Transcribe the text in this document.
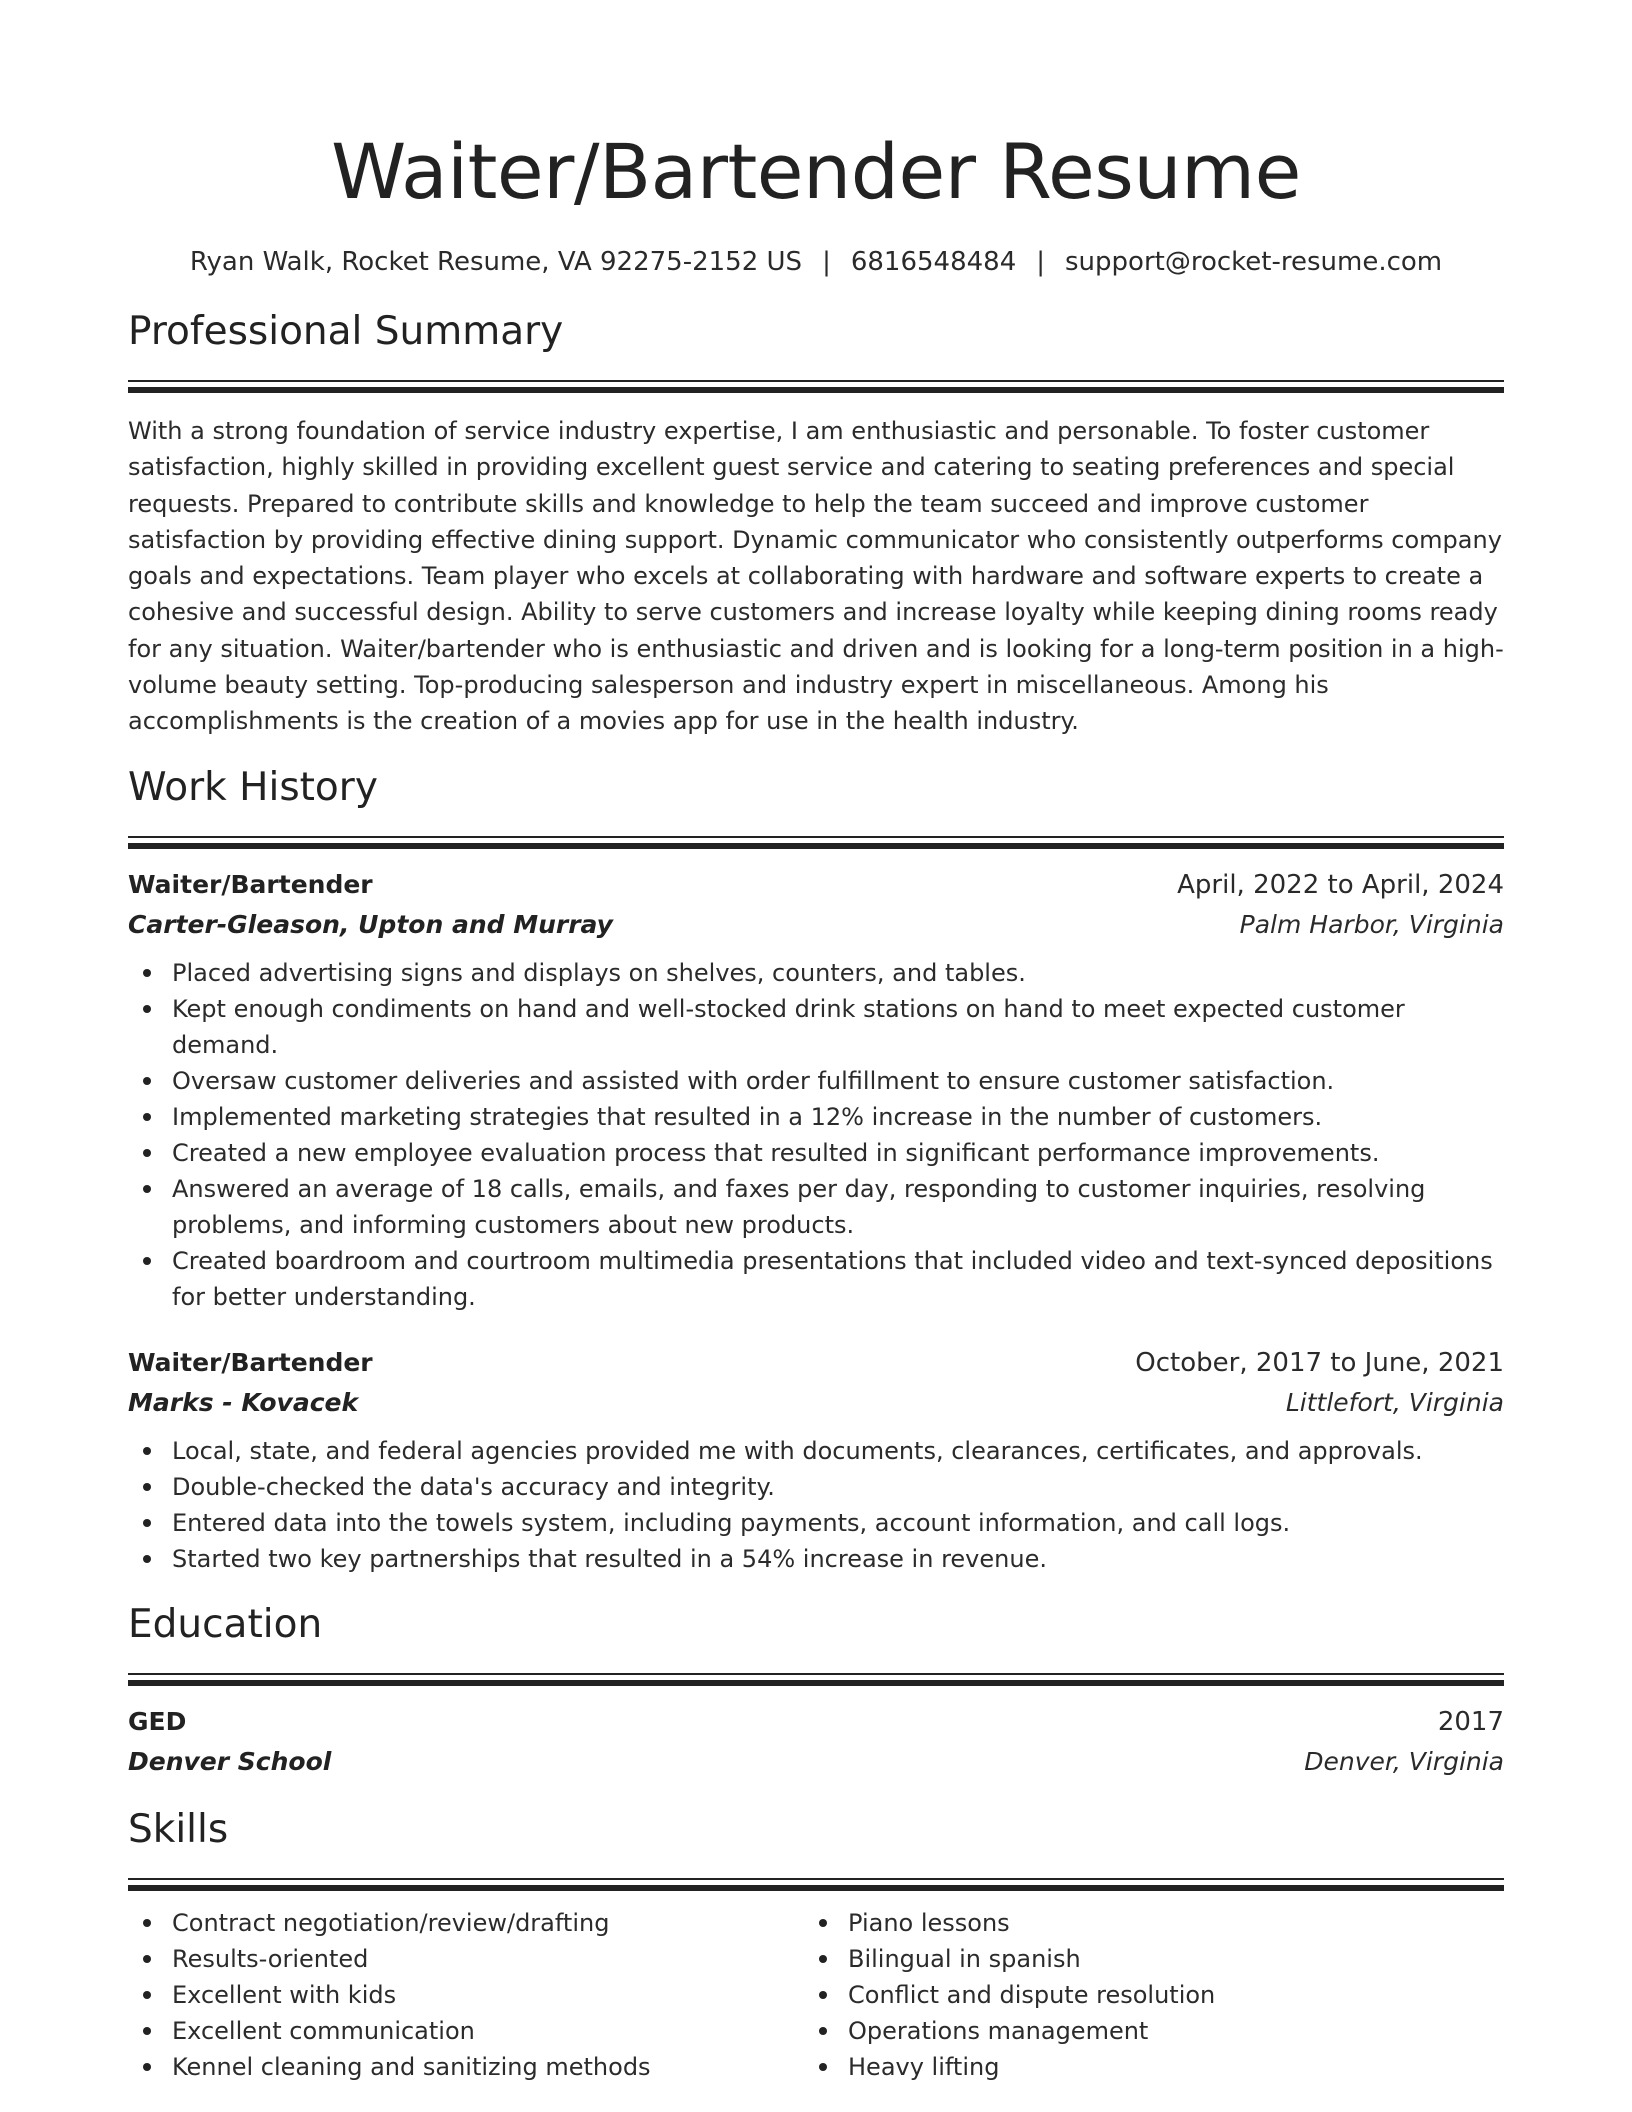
Waiter/Bartender Resume
Ryan Walk, Rocket Resume, VA 92275-2152 US | 6816548484 | support@rocket-resume.com
Professional Summary

With a strong foundation of service industry expertise, I am enthusiastic and personable. To foster customer satisfaction, highly skilled in providing excellent guest service and catering to seating preferences and special requests. Prepared to contribute skills and knowledge to help the team succeed and improve customer satisfaction by providing effective dining support. Dynamic communicator who consistently outperforms company goals and expectations. Team player who excels at collaborating with hardware and software experts to create a cohesive and successful design. Ability to serve customers and increase loyalty while keeping dining rooms ready for any situation. Waiter/bartender who is enthusiastic and driven and is looking for a long-term position in a high-volume beauty setting. Top-producing salesperson and industry expert in miscellaneous. Among his accomplishments is the creation of a movies app for use in the health industry.

Work History
Waiter/Bartender	April, 2022 to April, 2024
Carter-Gleason, Upton and Murray	Palm Harbor, Virginia
Placed advertising signs and displays on shelves, counters, and tables.
Kept enough condiments on hand and well-stocked drink stations on hand to meet expected customer demand.
Oversaw customer deliveries and assisted with order fulfillment to ensure customer satisfaction.
Implemented marketing strategies that resulted in a 12% increase in the number of customers.
Created a new employee evaluation process that resulted in significant performance improvements.
Answered an average of 18 calls, emails, and faxes per day, responding to customer inquiries, resolving problems, and informing customers about new products.
Created boardroom and courtroom multimedia presentations that included video and text-synced depositions for better understanding.
Waiter/Bartender	October, 2017 to June, 2021
Marks - Kovacek	Littlefort, Virginia
Local, state, and federal agencies provided me with documents, clearances, certificates, and approvals.
Double-checked the data's accuracy and integrity.
Entered data into the towels system, including payments, account information, and call logs.
Started two key partnerships that resulted in a 54% increase in revenue.
Education
GED	2017
Denver School	Denver, Virginia
Skills
Contract negotiation/review/drafting
Results-oriented
Excellent with kids
Excellent communication
Kennel cleaning and sanitizing methods
Piano lessons
Bilingual in spanish
Conflict and dispute resolution
Operations management
Heavy lifting
